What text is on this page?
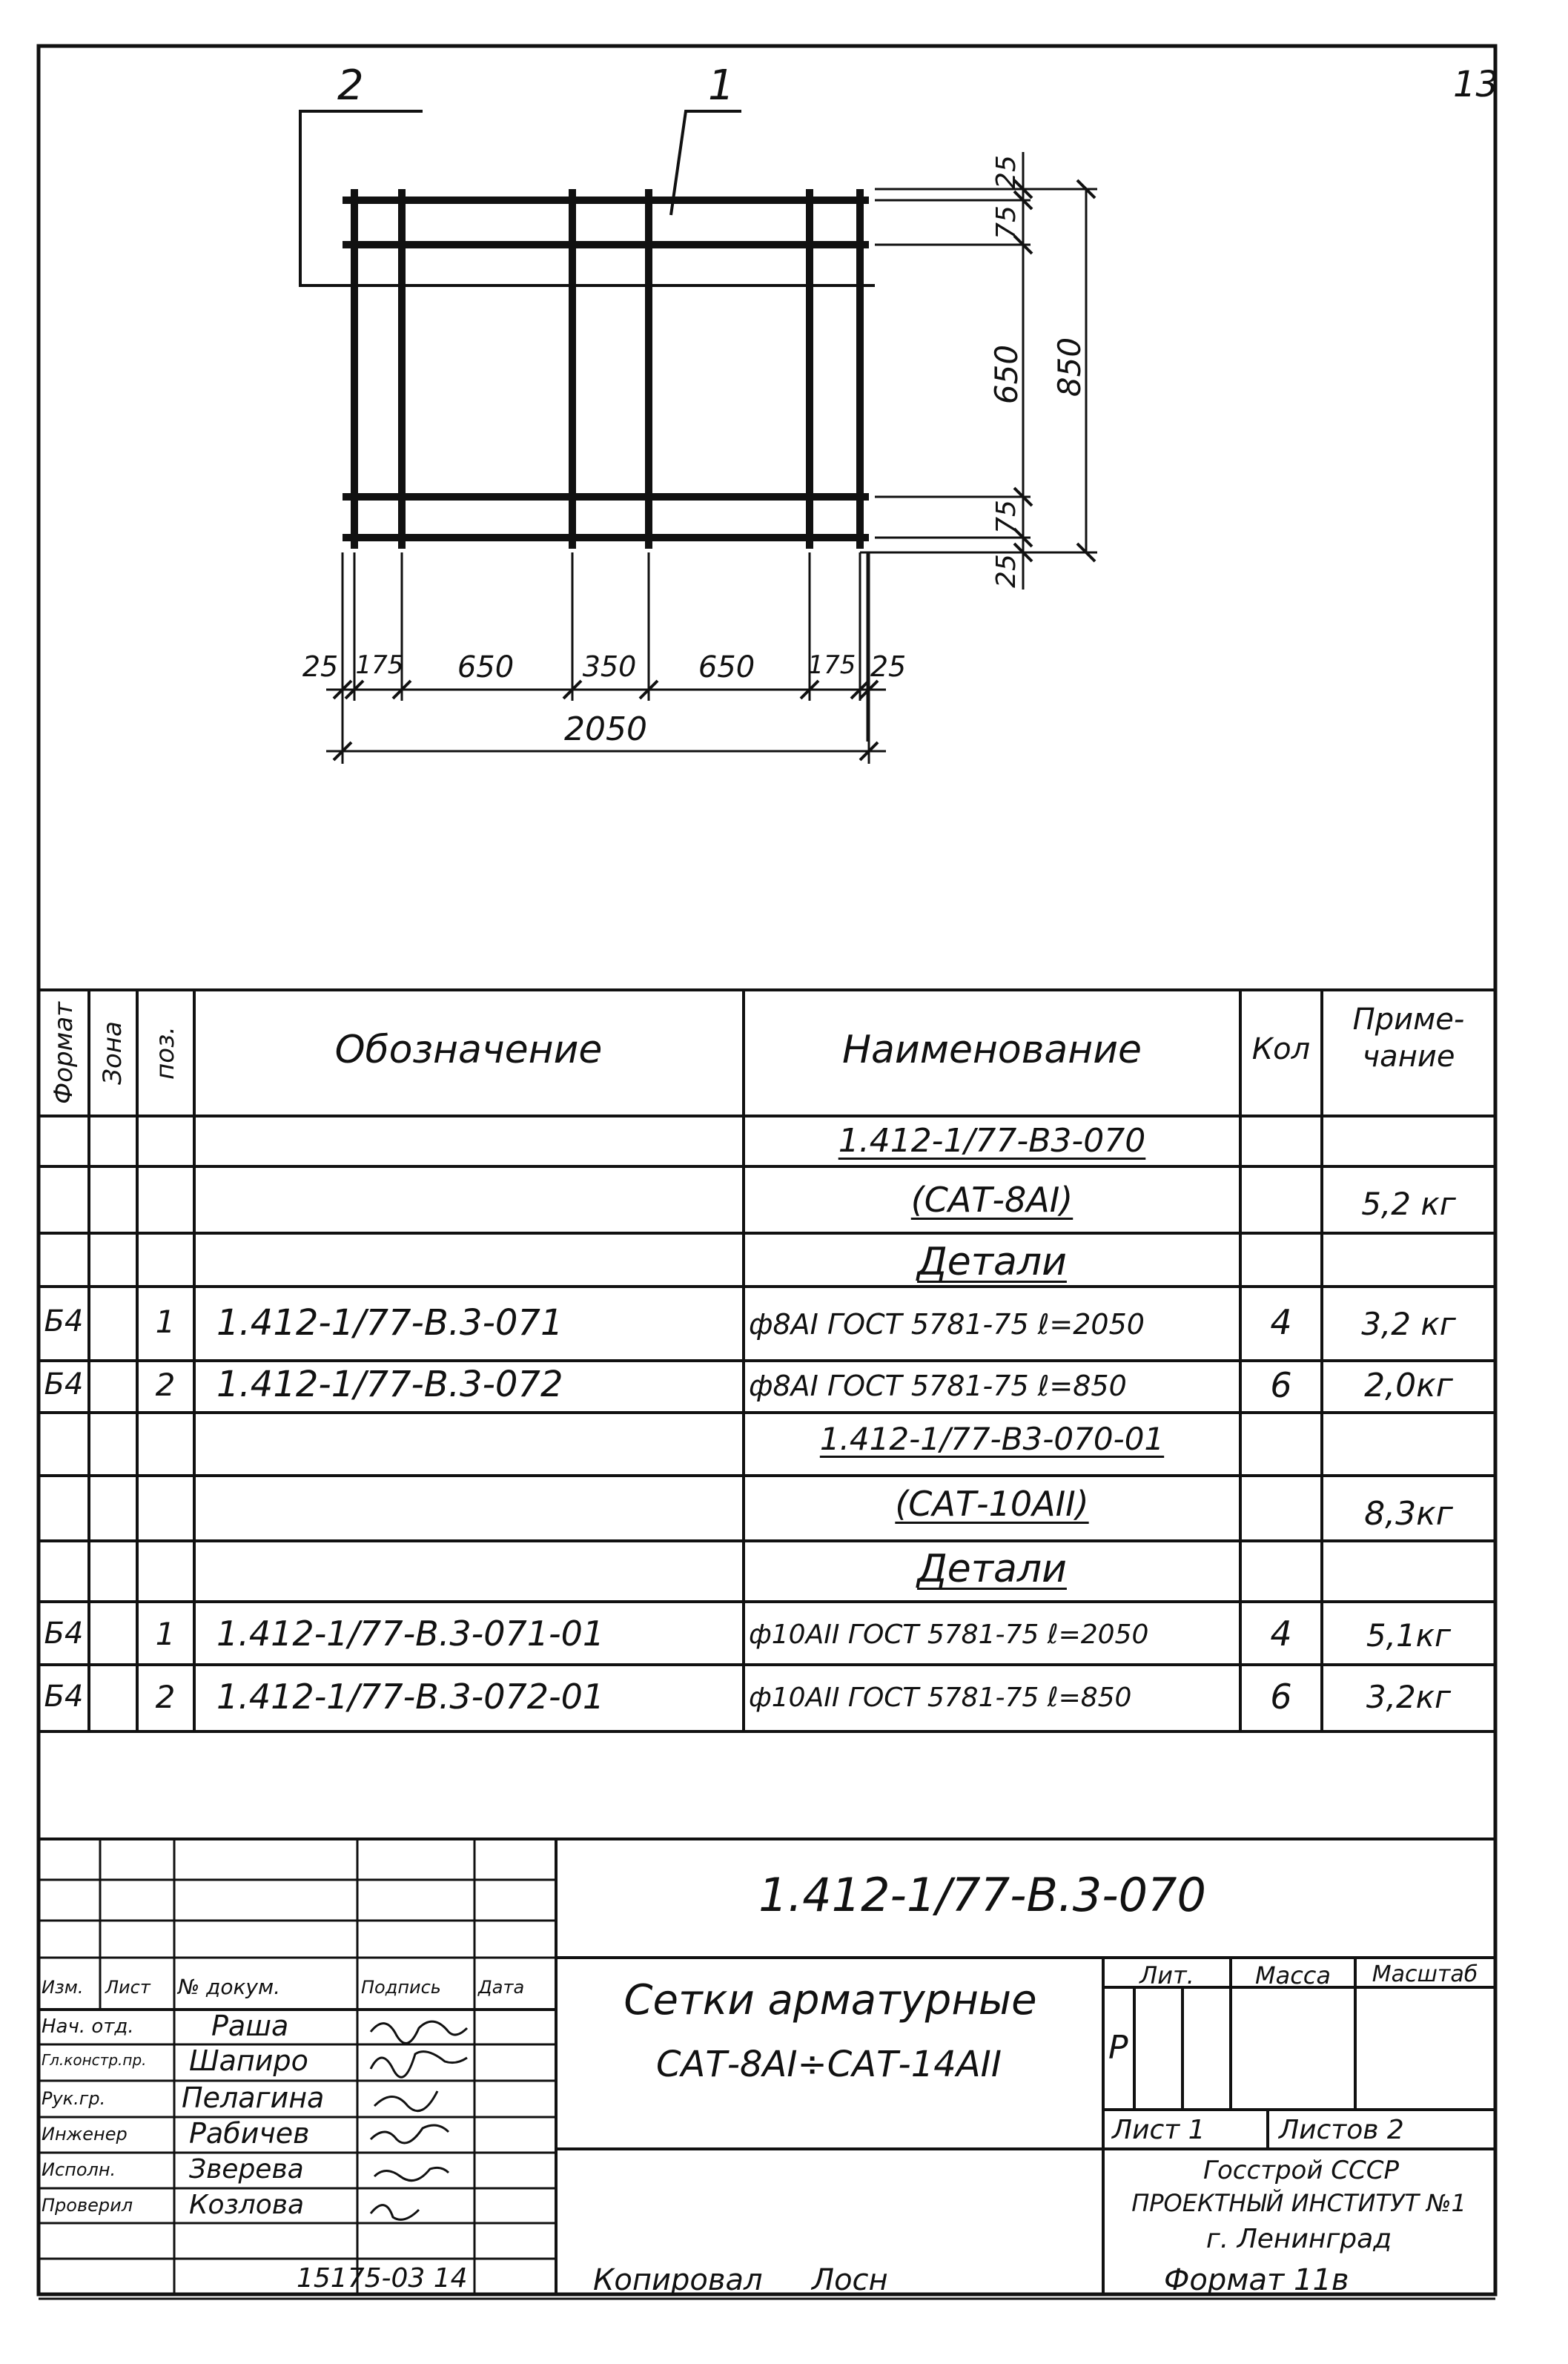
13
2	1
25
75
650
75
25
850
25 175 650 350 650 175 25
2050
Формат Зона поз.	Обозначение	Наименование	Кол
Приме-
чание
1.412-1/77-В3-070
(САТ-8АI)	5,2 кг
Детали
Б4 1 1.412-1/77-В.3-071	ф8АI ГОСТ 5781-75 ℓ=2050	4 3,2 кг
Б4 2 1.412-1/77-В.3-072	ф8АI ГОСТ 5781-75 ℓ=850	6 2,0кг
1.412-1/77-В3-070-01
(САТ-10АII)	8,3кг
Детали
Б4 1 1.412-1/77-В.3-071-01	ф10АII ГОСТ 5781-75 ℓ=2050	4 5,1кг
Б4 2 1.412-1/77-В.3-072-01	ф10АII ГОСТ 5781-75 ℓ=850	6 3,2кг
1.412-1/77-В.3-070
Сетки арматурные
САТ-8АI÷САТ-14АII
Лит.	Масса Масштаб
Р
Лист 1	Листов 2
Госстрой СССР
ПРОЕКТНЫЙ ИНСТИТУТ №1
г. Ленинград
Изм. Лист № докум.	Подпись Дата
Нач. отд.	Раша
Гл.констр.пр. Шапиро
Рук.гр.	Пелагина
Инженер Рабичев
Исполн.	Зверева
Проверил Козлова
15175-03 14	Копировал Лосн	Формат 11в
